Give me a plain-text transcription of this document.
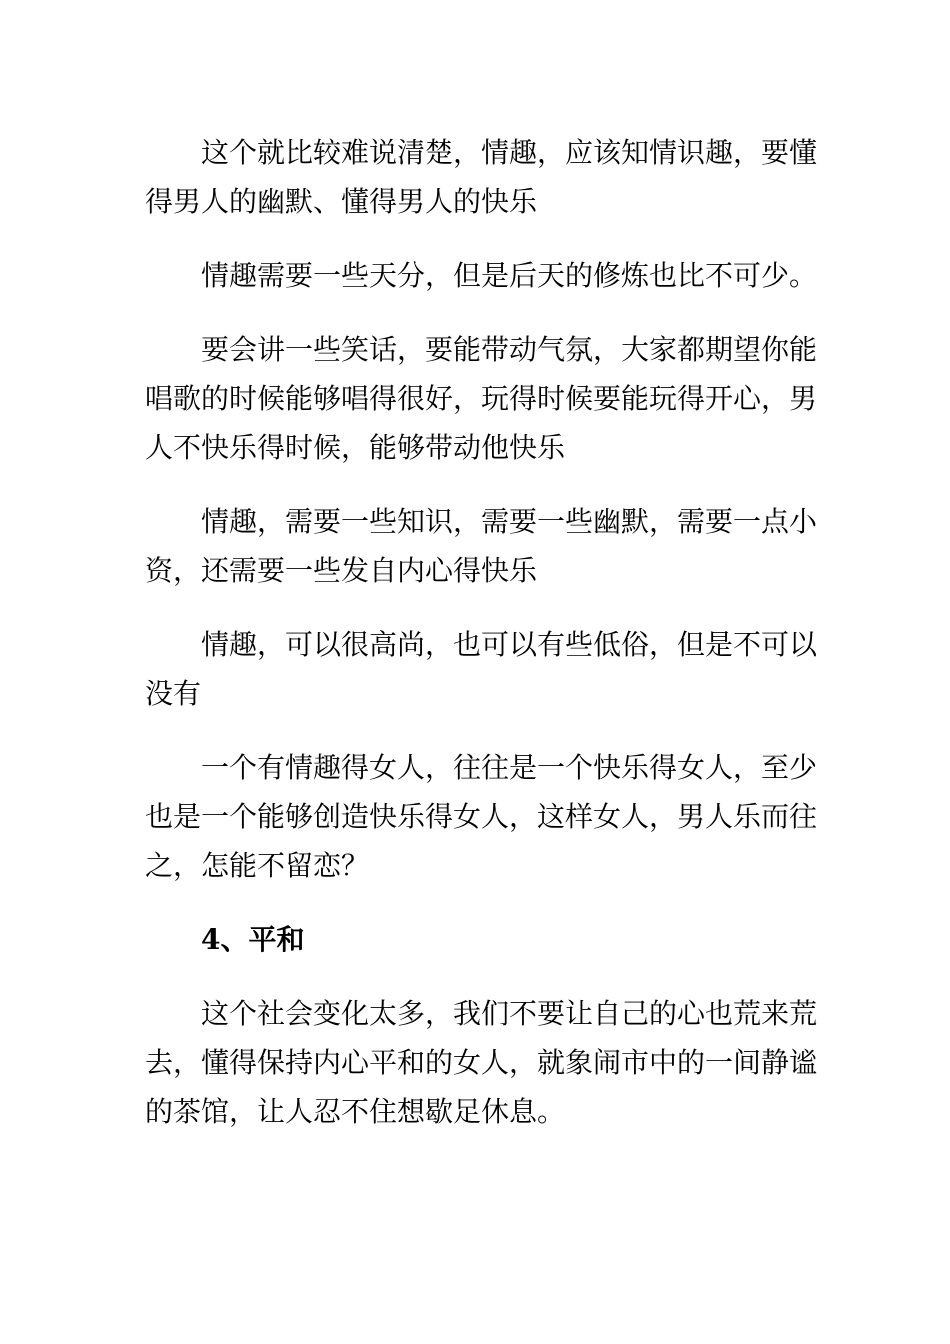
这个就比较难说清楚，情趣，应该知情识趣，要懂得男人的幽默、懂得男人的快乐

情趣需要一些天分，但是后天的修炼也比不可少。

要会讲一些笑话，要能带动气氛，大家都期望你能唱歌的时候能够唱得很好，玩得时候要能玩得开心，男人不快乐得时候，能够带动他快乐

情趣，需要一些知识，需要一些幽默，需要一点小资，还需要一些发自内心得快乐

情趣，可以很高尚，也可以有些低俗，但是不可以没有

一个有情趣得女人，往往是一个快乐得女人，至少也是一个能够创造快乐得女人，这样女人，男人乐而往之，怎能不留恋？

4、平和

这个社会变化太多，我们不要让自己的心也荒来荒去，懂得保持内心平和的女人，就象闹市中的一间静谧的茶馆，让人忍不住想歇足休息。
